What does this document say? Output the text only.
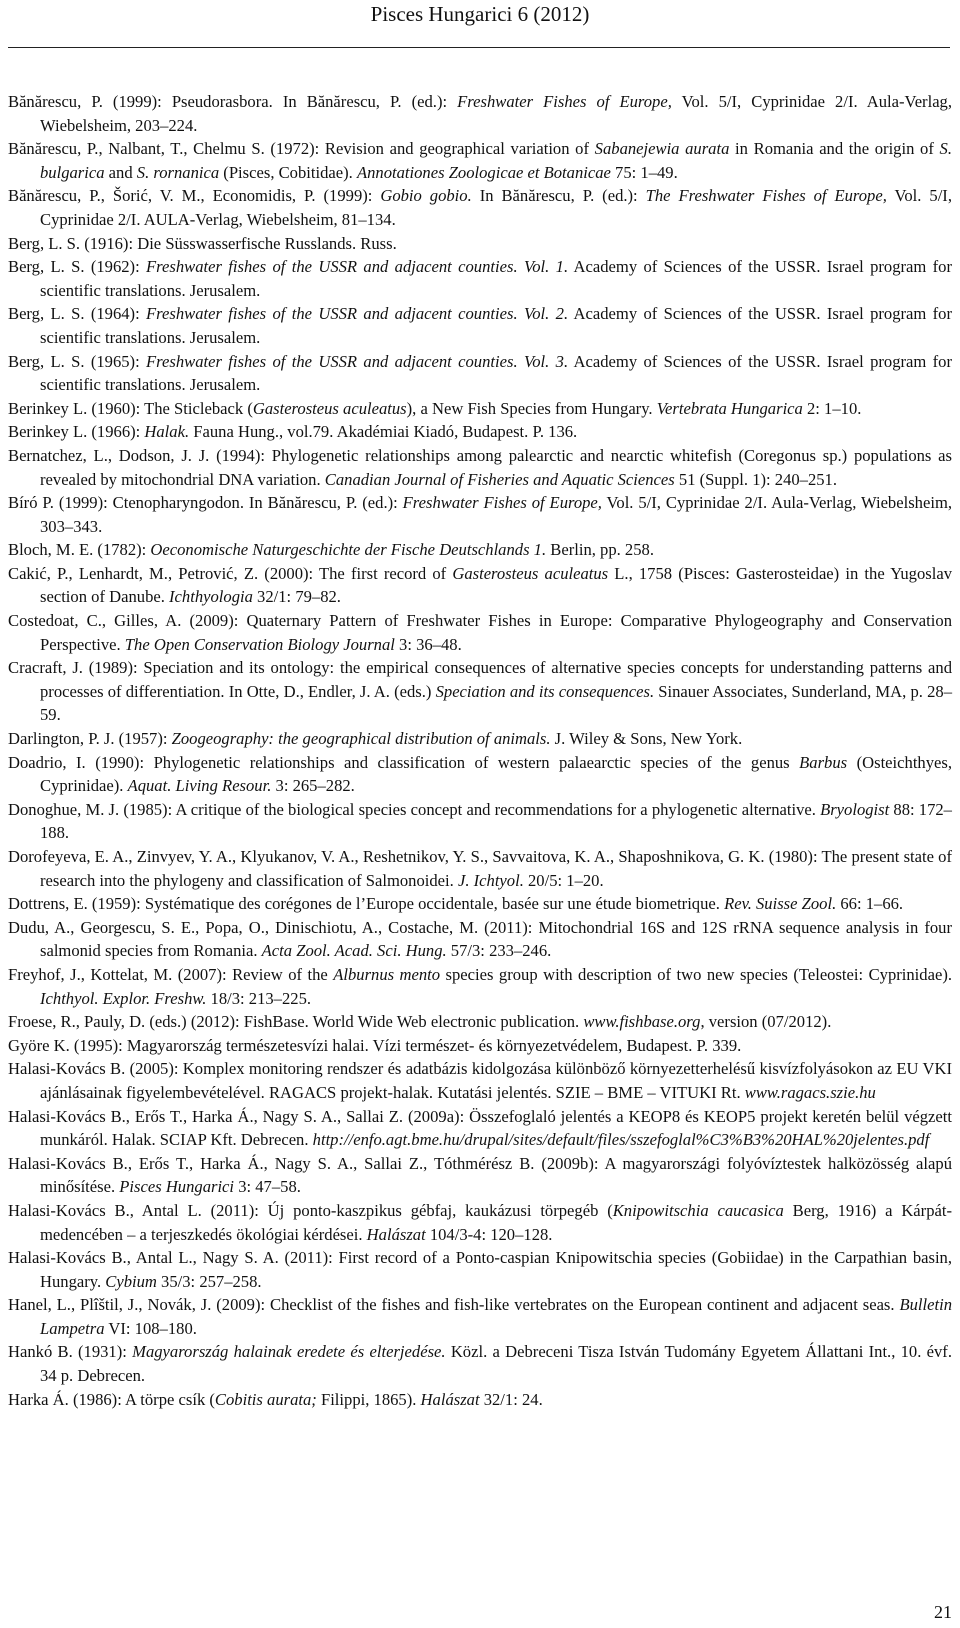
Pisces Hungarici 6 (2012)

Bănărescu, P. (1999): Pseudorasbora. In Bănărescu, P. (ed.): Freshwater Fishes of Europe, Vol. 5/I, Cyprinidae 2/I. Aula-Verlag, Wiebelsheim, 203–224.

Bănărescu, P., Nalbant, T., Chelmu S. (1972): Revision and geographical variation of Sabanejewia aurata in Romania and the origin of S. bulgarica and S. rornanica (Pisces, Cobitidae). Annotationes Zoologicae et Botanicae 75: 1–49.

Bănărescu, P., Šorić, V. M., Economidis, P. (1999): Gobio gobio. In Bănărescu, P. (ed.): The Freshwater Fishes of Europe, Vol. 5/I, Cyprinidae 2/I. AULA-Verlag, Wiebelsheim, 81–134.

Berg, L. S. (1916): Die Süsswasserfische Russlands. Russ.

Berg, L. S. (1962): Freshwater fishes of the USSR and adjacent counties. Vol. 1. Academy of Sciences of the USSR. Israel program for scientific translations. Jerusalem.

Berg, L. S. (1964): Freshwater fishes of the USSR and adjacent counties. Vol. 2. Academy of Sciences of the USSR. Israel program for scientific translations. Jerusalem.

Berg, L. S. (1965): Freshwater fishes of the USSR and adjacent counties. Vol. 3. Academy of Sciences of the USSR. Israel program for scientific translations. Jerusalem.

Berinkey L. (1960): The Sticleback (Gasterosteus aculeatus), a New Fish Species from Hungary. Vertebrata Hungarica 2: 1–10.

Berinkey L. (1966): Halak. Fauna Hung., vol.79. Akadémiai Kiadó, Budapest. P. 136.

Bernatchez, L., Dodson, J. J. (1994): Phylogenetic relationships among palearctic and nearctic whitefish (Coregonus sp.) populations as revealed by mitochondrial DNA variation. Canadian Journal of Fisheries and Aquatic Sciences 51 (Suppl. 1): 240–251.

Bíró P. (1999): Ctenopharyngodon. In Bănărescu, P. (ed.): Freshwater Fishes of Europe, Vol. 5/I, Cyprinidae 2/I. Aula-Verlag, Wiebelsheim, 303–343.

Bloch, M. E. (1782): Oeconomische Naturgeschichte der Fische Deutschlands 1. Berlin, pp. 258.

Cakić, P., Lenhardt, M., Petrović, Z. (2000): The first record of Gasterosteus aculeatus L., 1758 (Pisces: Gasterosteidae) in the Yugoslav section of Danube. Ichthyologia 32/1: 79–82.

Costedoat, C., Gilles, A. (2009): Quaternary Pattern of Freshwater Fishes in Europe: Comparative Phylogeography and Conservation Perspective. The Open Conservation Biology Journal 3: 36–48.

Cracraft, J. (1989): Speciation and its ontology: the empirical consequences of alternative species concepts for understanding patterns and processes of differentiation. In Otte, D., Endler, J. A. (eds.) Speciation and its consequences. Sinauer Associates, Sunderland, MA, p. 28–59.

Darlington, P. J. (1957): Zoogeography: the geographical distribution of animals. J. Wiley & Sons, New York.

Doadrio, I. (1990): Phylogenetic relationships and classification of western palaearctic species of the genus Barbus (Osteichthyes, Cyprinidae). Aquat. Living Resour. 3: 265–282.

Donoghue, M. J. (1985): A critique of the biological species concept and recommendations for a phylogenetic alternative. Bryologist 88: 172–188.

Dorofeyeva, E. A., Zinvyev, Y. A., Klyukanov, V. A., Reshetnikov, Y. S., Savvaitova, K. A., Shaposhnikova, G. K. (1980): The present state of research into the phylogeny and classification of Salmonoidei. J. Ichtyol. 20/5: 1–20.

Dottrens, E. (1959): Systématique des corégones de l’Europe occidentale, basée sur une étude biometrique. Rev. Suisse Zool. 66: 1–66.

Dudu, A., Georgescu, S. E., Popa, O., Dinischiotu, A., Costache, M. (2011): Mitochondrial 16S and 12S rRNA sequence analysis in four salmonid species from Romania. Acta Zool. Acad. Sci. Hung. 57/3: 233–246.

Freyhof, J., Kottelat, M. (2007): Review of the Alburnus mento species group with description of two new species (Teleostei: Cyprinidae). Ichthyol. Explor. Freshw. 18/3: 213–225.

Froese, R., Pauly, D. (eds.) (2012): FishBase. World Wide Web electronic publication. www.fishbase.org, version (07/2012).

Györe K. (1995): Magyarország természetesvízi halai. Vízi természet- és környezetvédelem, Budapest. P. 339.

Halasi-Kovács B. (2005): Komplex monitoring rendszer és adatbázis kidolgozása különböző környezetterhelésű kisvízfolyásokon az EU VKI ajánlásainak figyelembevételével. RAGACS projekt-halak. Kutatási jelentés. SZIE – BME – VITUKI Rt. www.ragacs.szie.hu

Halasi-Kovács B., Erős T., Harka Á., Nagy S. A., Sallai Z. (2009a): Összefoglaló jelentés a KEOP8 és KEOP5 projekt keretén belül végzett munkáról. Halak. SCIAP Kft. Debrecen. http://enfo.agt.bme.hu/drupal/sites/default/files/sszefoglal%C3%B3%20HAL%20jelentes.pdf

Halasi-Kovács B., Erős T., Harka Á., Nagy S. A., Sallai Z., Tóthmérész B. (2009b): A magyarországi folyóvíztestek halközösség alapú minősítése. Pisces Hungarici 3: 47–58.

Halasi-Kovács B., Antal L. (2011): Új ponto-kaszpikus gébfaj, kaukázusi törpegéb (Knipowitschia caucasica Berg, 1916) a Kárpát-medencében – a terjeszkedés ökológiai kérdései. Halászat 104/3-4: 120–128.

Halasi-Kovács B., Antal L., Nagy S. A. (2011): First record of a Ponto-caspian Knipowitschia species (Gobiidae) in the Carpathian basin, Hungary. Cybium 35/3: 257–258.

Hanel, L., Plîštil, J., Novák, J. (2009): Checklist of the fishes and fish-like vertebrates on the European continent and adjacent seas. Bulletin Lampetra VI: 108–180.

Hankó B. (1931): Magyarország halainak eredete és elterjedése. Közl. a Debreceni Tisza István Tudomány Egyetem Állattani Int., 10. évf. 34 p. Debrecen.

Harka Á. (1986): A törpe csík (Cobitis aurata; Filippi, 1865). Halászat 32/1: 24.

21
